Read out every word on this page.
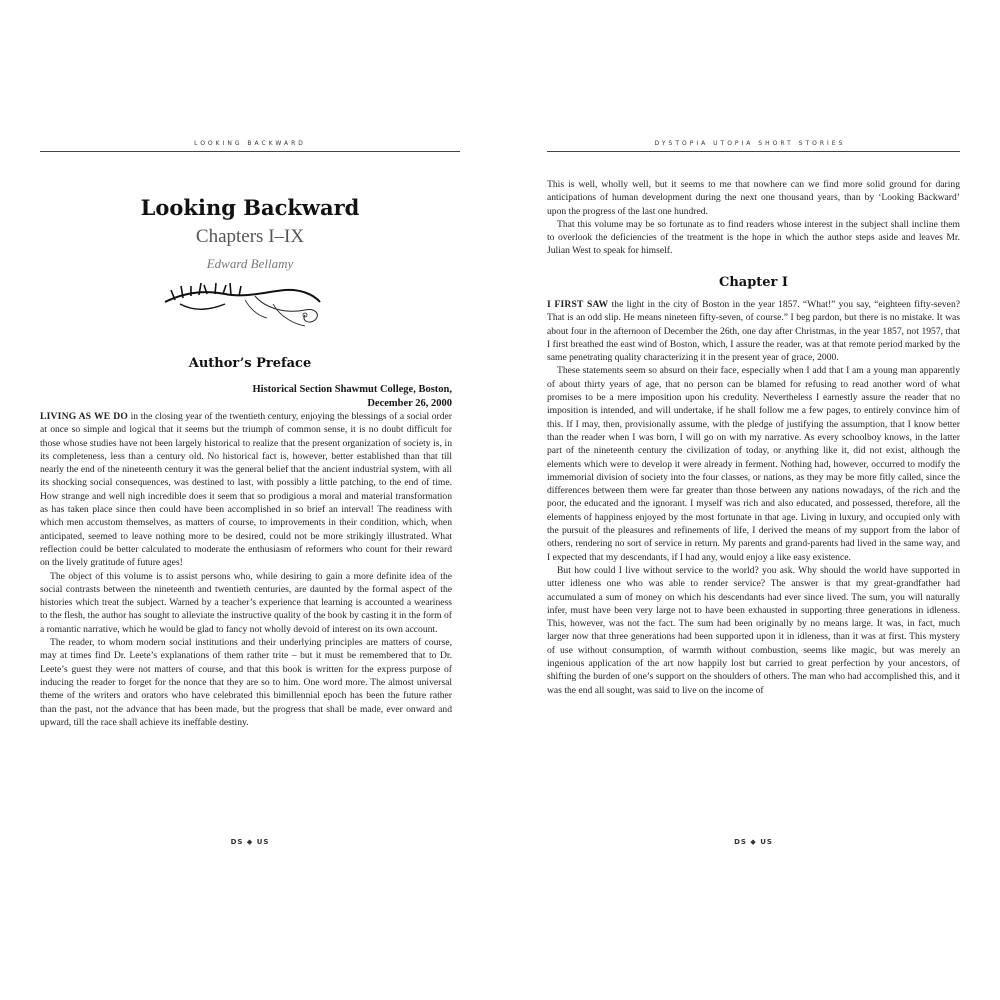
LOOKING BACKWARD
Looking Backward
Chapters I–IX
Edward Bellamy
Author’s Preface
Historical Section Shawmut College, Boston,
December 26, 2000

LIVING AS WE DO in the closing year of the twentieth century, enjoying the blessings of a social order at once so simple and logical that it seems but the triumph of common sense, it is no doubt difficult for those whose studies have not been largely historical to realize that the present organization of society is, in its completeness, less than a century old. No historical fact is, however, better established than that till nearly the end of the nineteenth century it was the general belief that the ancient industrial system, with all its shocking social consequences, was destined to last, with possibly a little patching, to the end of time. How strange and well nigh incredible does it seem that so prodigious a moral and material transformation as has taken place since then could have been accomplished in so brief an interval! The readiness with which men accustom themselves, as matters of course, to improvements in their condition, which, when anticipated, seemed to leave nothing more to be desired, could not be more strikingly illustrated. What reflection could be better calculated to moderate the enthusiasm of reformers who count for their reward on the lively gratitude of future ages!

The object of this volume is to assist persons who, while desiring to gain a more definite idea of the social contrasts between the nineteenth and twentieth centuries, are daunted by the formal aspect of the histories which treat the subject. Warned by a teacher’s experience that learning is accounted a weariness to the flesh, the author has sought to alleviate the instructive quality of the book by casting it in the form of a romantic narrative, which he would be glad to fancy not wholly devoid of interest on its own account.

The reader, to whom modern social institutions and their underlying principles are matters of course, may at times find Dr. Leete’s explanations of them rather trite – but it must be remembered that to Dr. Leete’s guest they were not matters of course, and that this book is written for the express purpose of inducing the reader to forget for the nonce that they are so to him. One word more. The almost universal theme of the writers and orators who have celebrated this bimillennial epoch has been the future rather than the past, not the advance that has been made, but the progress that shall be made, ever onward and upward, till the race shall achieve its ineffable destiny.

DS ◆ US
DYSTOPIA UTOPIA SHORT STORIES

This is well, wholly well, but it seems to me that nowhere can we find more solid ground for daring anticipations of human development during the next one thousand years, than by ‘Looking Backward’ upon the progress of the last one hundred.

That this volume may be so fortunate as to find readers whose interest in the subject shall incline them to overlook the deficiencies of the treatment is the hope in which the author steps aside and leaves Mr. Julian West to speak for himself.

Chapter I

I FIRST SAW the light in the city of Boston in the year 1857. “What!” you say, “eighteen fifty-seven? That is an odd slip. He means nineteen fifty-seven, of course.” I beg pardon, but there is no mistake. It was about four in the afternoon of December the 26th, one day after Christmas, in the year 1857, not 1957, that I first breathed the east wind of Boston, which, I assure the reader, was at that remote period marked by the same penetrating quality characterizing it in the present year of grace, 2000.

These statements seem so absurd on their face, especially when I add that I am a young man apparently of about thirty years of age, that no person can be blamed for refusing to read another word of what promises to be a mere imposition upon his credulity. Nevertheless I earnestly assure the reader that no imposition is intended, and will undertake, if he shall follow me a few pages, to entirely convince him of this. If I may, then, provisionally assume, with the pledge of justifying the assumption, that I know better than the reader when I was born, I will go on with my narrative. As every schoolboy knows, in the latter part of the nineteenth century the civilization of today, or anything like it, did not exist, although the elements which were to develop it were already in ferment. Nothing had, however, occurred to modify the immemorial division of society into the four classes, or nations, as they may be more fitly called, since the differences between them were far greater than those between any nations nowadays, of the rich and the poor, the educated and the ignorant. I myself was rich and also educated, and possessed, therefore, all the elements of happiness enjoyed by the most fortunate in that age. Living in luxury, and occupied only with the pursuit of the pleasures and refinements of life, I derived the means of my support from the labor of others, rendering no sort of service in return. My parents and grand-parents had lived in the same way, and I expected that my descendants, if I had any, would enjoy a like easy existence.

But how could I live without service to the world? you ask. Why should the world have supported in utter idleness one who was able to render service? The answer is that my great-grandfather had accumulated a sum of money on which his descendants had ever since lived. The sum, you will naturally infer, must have been very large not to have been exhausted in supporting three generations in idleness. This, however, was not the fact. The sum had been originally by no means large. It was, in fact, much larger now that three generations had been supported upon it in idleness, than it was at first. This mystery of use without consumption, of warmth without combustion, seems like magic, but was merely an ingenious application of the art now happily lost but carried to great perfection by your ancestors, of shifting the burden of one’s support on the shoulders of others. The man who had accomplished this, and it was the end all sought, was said to live on the income of

DS ◆ US
